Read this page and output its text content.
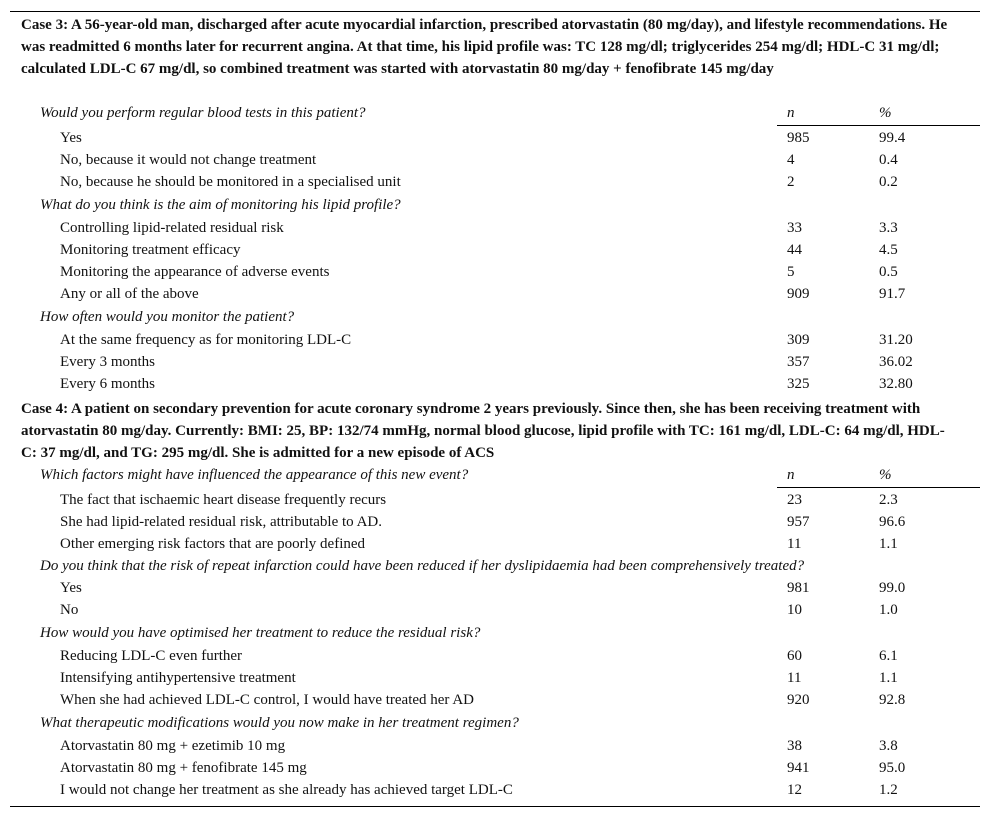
Case 3: A 56-year-old man, discharged after acute myocardial infarction, prescribed atorvastatin (80 mg/day), and lifestyle recommendations. He was readmitted 6 months later for recurrent angina. At that time, his lipid profile was: TC 128 mg/dl; triglycerides 254 mg/dl; HDL-C 31 mg/dl; calculated LDL-C 67 mg/dl, so combined treatment was started with atorvastatin 80 mg/day + fenofibrate 145 mg/day
Would you perform regular blood tests in this patient?	n	%
Yes	985	99.4
No, because it would not change treatment	4	0.4
No, because he should be monitored in a specialised unit	2	0.2
What do you think is the aim of monitoring his lipid profile?
Controlling lipid-related residual risk	33	3.3
Monitoring treatment efficacy	44	4.5
Monitoring the appearance of adverse events	5	0.5
Any or all of the above	909	91.7
How often would you monitor the patient?
At the same frequency as for monitoring LDL-C	309	31.20
Every 3 months	357	36.02
Every 6 months	325	32.80
Case 4: A patient on secondary prevention for acute coronary syndrome 2 years previously. Since then, she has been receiving treatment with atorvastatin 80 mg/day. Currently: BMI: 25, BP: 132/74 mmHg, normal blood glucose, lipid profile with TC: 161 mg/dl, LDL-C: 64 mg/dl, HDL-C: 37 mg/dl, and TG: 295 mg/dl. She is admitted for a new episode of ACS
Which factors might have influenced the appearance of this new event?	n	%
The fact that ischaemic heart disease frequently recurs	23	2.3
She had lipid-related residual risk, attributable to AD.	957	96.6
Other emerging risk factors that are poorly defined	11	1.1
Do you think that the risk of repeat infarction could have been reduced if her dyslipidaemia had been comprehensively treated?
Yes	981	99.0
No	10	1.0
How would you have optimised her treatment to reduce the residual risk?
Reducing LDL-C even further	60	6.1
Intensifying antihypertensive treatment	11	1.1
When she had achieved LDL-C control, I would have treated her AD	920	92.8
What therapeutic modifications would you now make in her treatment regimen?
Atorvastatin 80 mg + ezetimib 10 mg	38	3.8
Atorvastatin 80 mg + fenofibrate 145 mg	941	95.0
I would not change her treatment as she already has achieved target LDL-C	12	1.2
